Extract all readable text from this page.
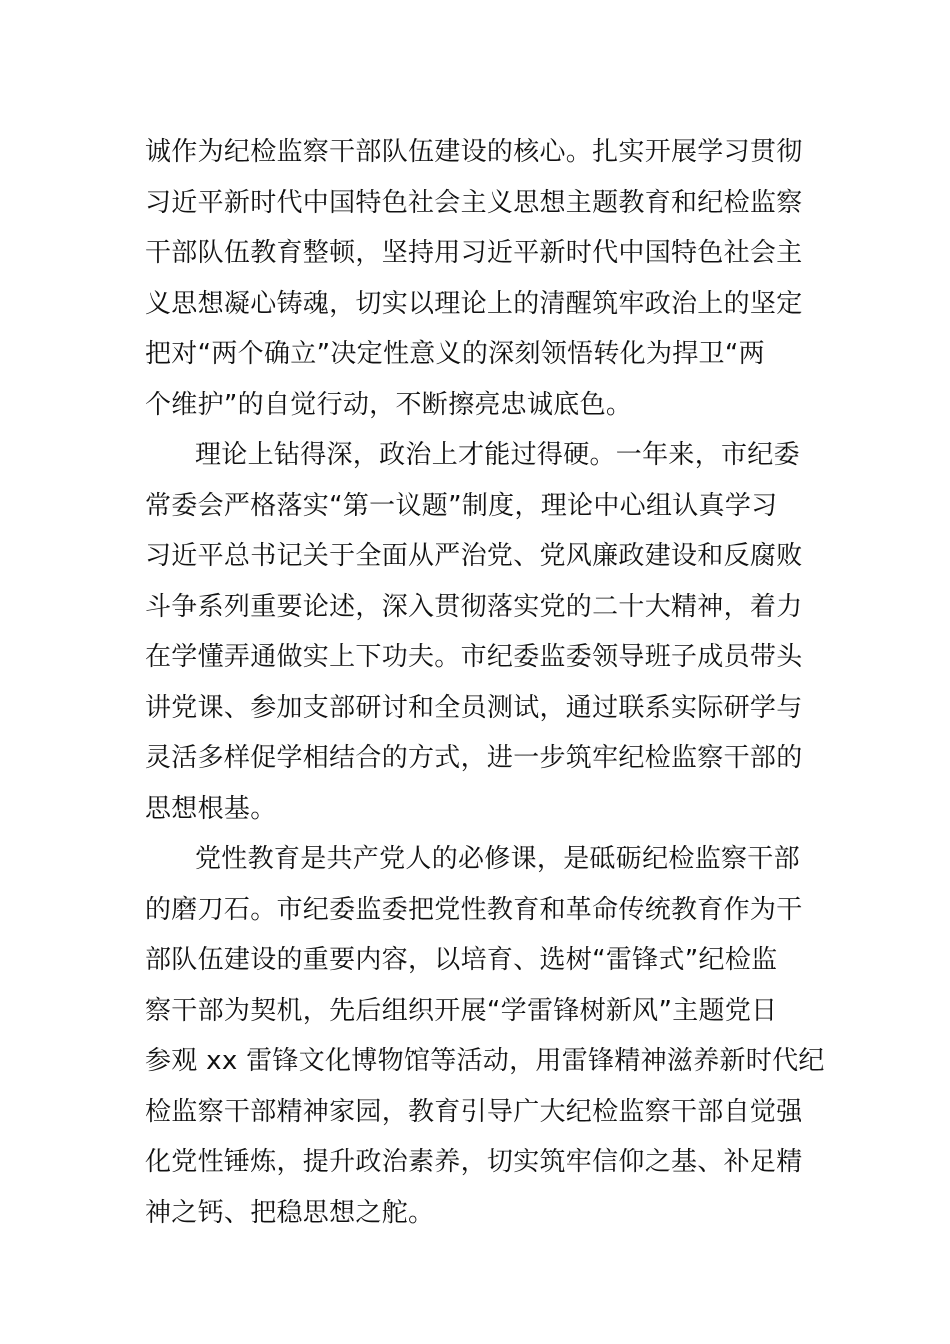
诚作为纪检监察干部队伍建设的核心。扎实开展学习贯彻
习近平新时代中国特色社会主义思想主题教育和纪检监察
干部队伍教育整顿，坚持用习近平新时代中国特色社会主
义思想凝心铸魂，切实以理论上的清醒筑牢政治上的坚定
把对“两个确立”决定性意义的深刻领悟转化为捍卫“两
个维护”的自觉行动，不断擦亮忠诚底色。
理论上钻得深，政治上才能过得硬。一年来，市纪委
常委会严格落实“第一议题”制度，理论中心组认真学习
习近平总书记关于全面从严治党、党风廉政建设和反腐败
斗争系列重要论述，深入贯彻落实党的二十大精神，着力
在学懂弄通做实上下功夫。市纪委监委领导班子成员带头
讲党课、参加支部研讨和全员测试，通过联系实际研学与
灵活多样促学相结合的方式，进一步筑牢纪检监察干部的
思想根基。
党性教育是共产党人的必修课，是砥砺纪检监察干部
的磨刀石。市纪委监委把党性教育和革命传统教育作为干
部队伍建设的重要内容，以培育、选树“雷锋式”纪检监
察干部为契机，先后组织开展“学雷锋树新风”主题党日
参观 xx 雷锋文化博物馆等活动，用雷锋精神滋养新时代纪
检监察干部精神家园，教育引导广大纪检监察干部自觉强
化党性锤炼，提升政治素养，切实筑牢信仰之基、补足精
神之钙、把稳思想之舵。
